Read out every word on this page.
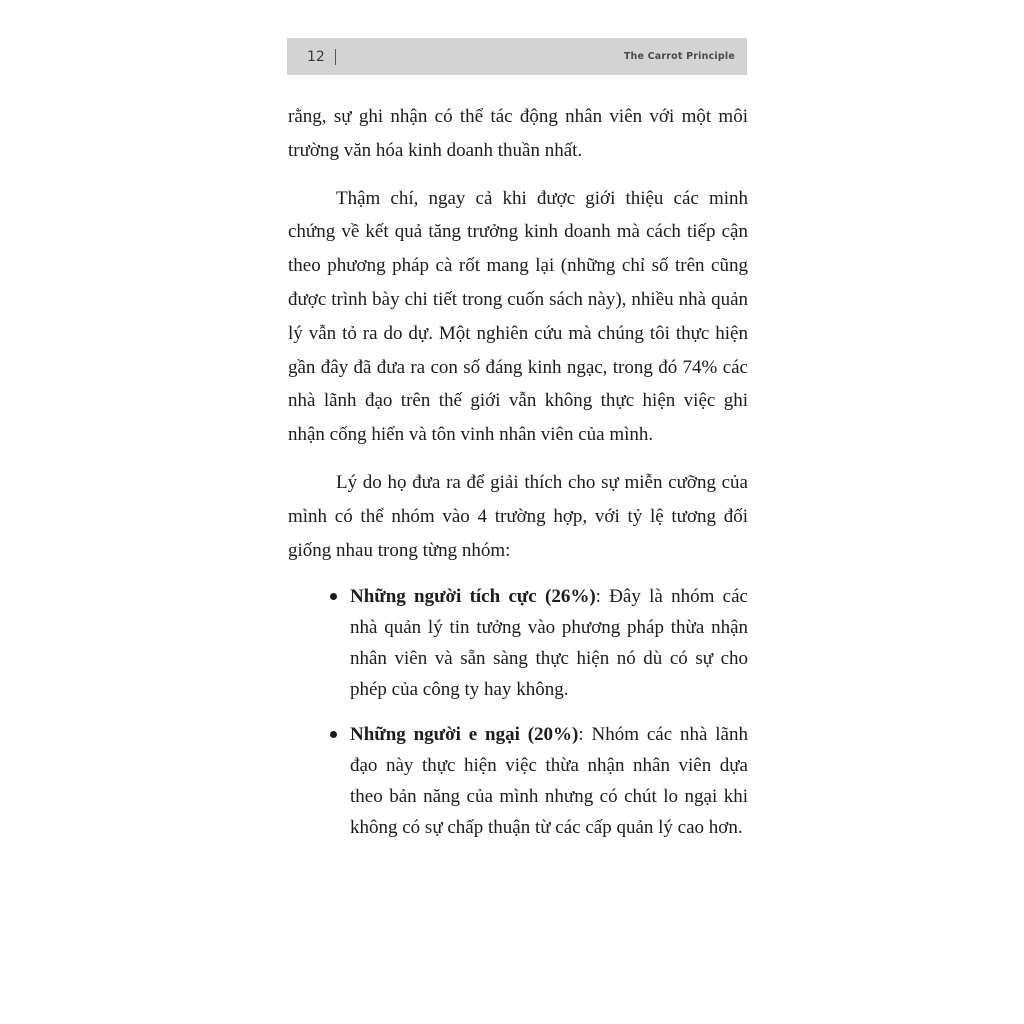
12	The Carrot Principle

rằng, sự ghi nhận có thể tác động nhân viên với một môi trường văn hóa kinh doanh thuần nhất.

Thậm chí, ngay cả khi được giới thiệu các minh chứng về kết quả tăng trưởng kinh doanh mà cách tiếp cận theo phương pháp cà rốt mang lại (những chỉ số trên cũng được trình bày chi tiết trong cuốn sách này), nhiều nhà quản lý vẫn tỏ ra do dự. Một nghiên cứu mà chúng tôi thực hiện gần đây đã đưa ra con số đáng kinh ngạc, trong đó 74% các nhà lãnh đạo trên thế giới vẫn không thực hiện việc ghi nhận cống hiến và tôn vinh nhân viên của mình.

Lý do họ đưa ra để giải thích cho sự miễn cưỡng của mình có thể nhóm vào 4 trường hợp, với tỷ lệ tương đối giống nhau trong từng nhóm:

Những người tích cực (26%): Đây là nhóm các nhà quản lý tin tưởng vào phương pháp thừa nhận nhân viên và sẵn sàng thực hiện nó dù có sự cho phép của công ty hay không.
Những người e ngại (20%): Nhóm các nhà lãnh đạo này thực hiện việc thừa nhận nhân viên dựa theo bản năng của mình nhưng có chút lo ngại khi không có sự chấp thuận từ các cấp quản lý cao hơn.
